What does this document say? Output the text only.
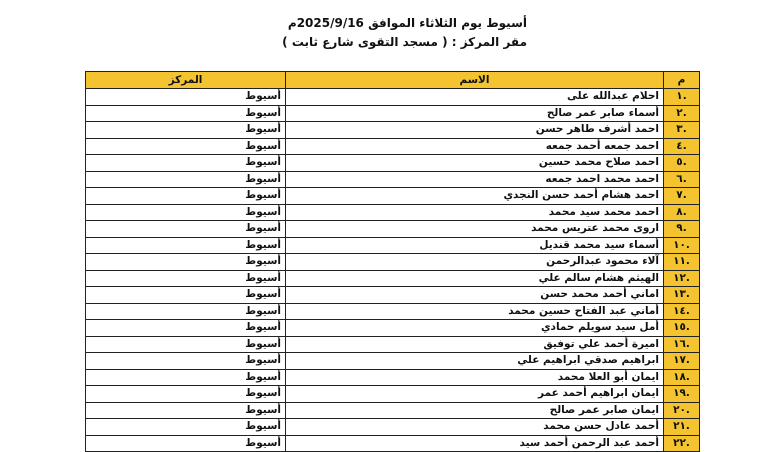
أسيوط يوم الثلاثاء الموافق 2025/9/16م
مقر المركز : ( مسجد التقوى شارع ثابت )
م	الاسم	المركز
.١	احلام عبدالله على	أسيوط
.٢	أسماء صابر عمر صالح	أسيوط
.٣	احمد أشرف طاهر حسن	أسيوط
.٤	احمد جمعه أحمد جمعه	أسيوط
.٥	احمد صلاح محمد حسين	أسيوط
.٦	احمد محمد احمد جمعه	أسيوط
.٧	احمد هشام أحمد حسن النجدي	أسيوط
.٨	احمد محمد سيد محمد	أسيوط
.٩	اروى محمد عتريس محمد	أسيوط
.١٠	أسماء سيد محمد قنديل	أسيوط
.١١	آلاء محمود عبدالرحمن	أسيوط
.١٢	الهيثم هشام سالم علي	أسيوط
.١٣	اماني أحمد محمد حسن	أسيوط
.١٤	أماني عبد الفتاح حسين محمد	أسيوط
.١٥	أمل سيد سويلم حمادي	أسيوط
.١٦	اميرة أحمد علي توفيق	أسيوط
.١٧	ابراهيم صدقي ابراهيم علي	أسيوط
.١٨	ايمان أبو العلا محمد	أسيوط
.١٩	ايمان ابراهيم أحمد عمر	أسيوط
.٢٠	ايمان صابر عمر صالح	أسيوط
.٢١	أحمد عادل حسن محمد	أسيوط
.٢٢	أحمد عبد الرحمن أحمد سيد	أسيوط
